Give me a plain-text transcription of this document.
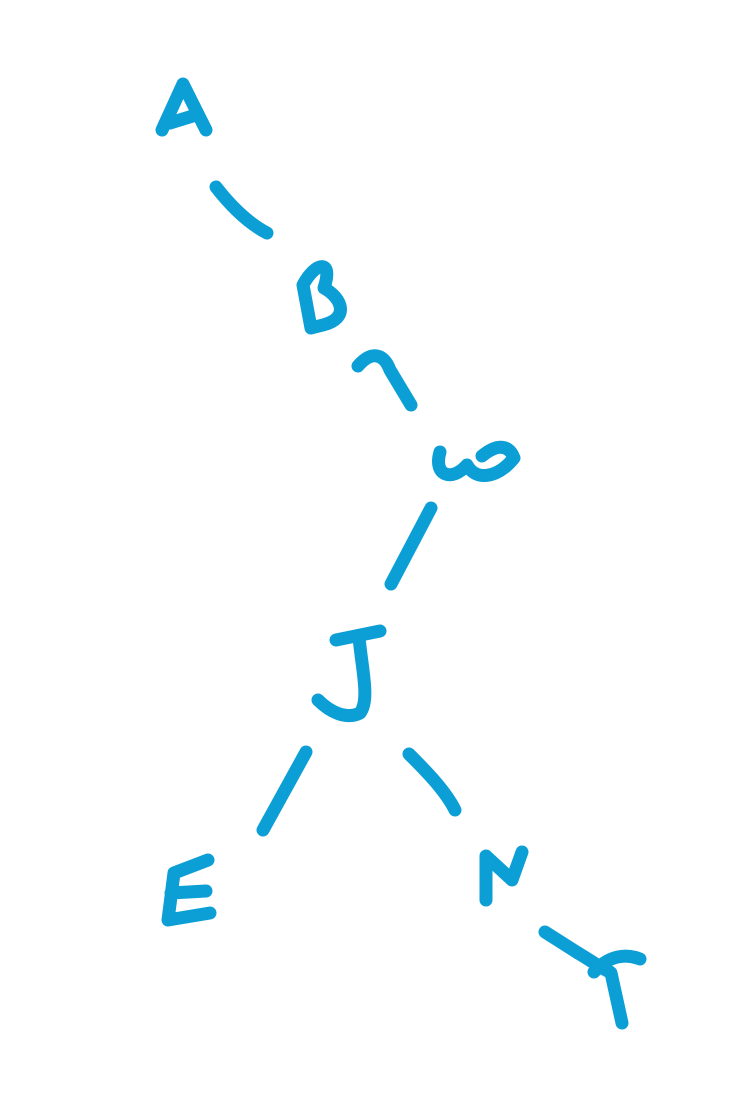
A
B
W
J
E
N
Y
